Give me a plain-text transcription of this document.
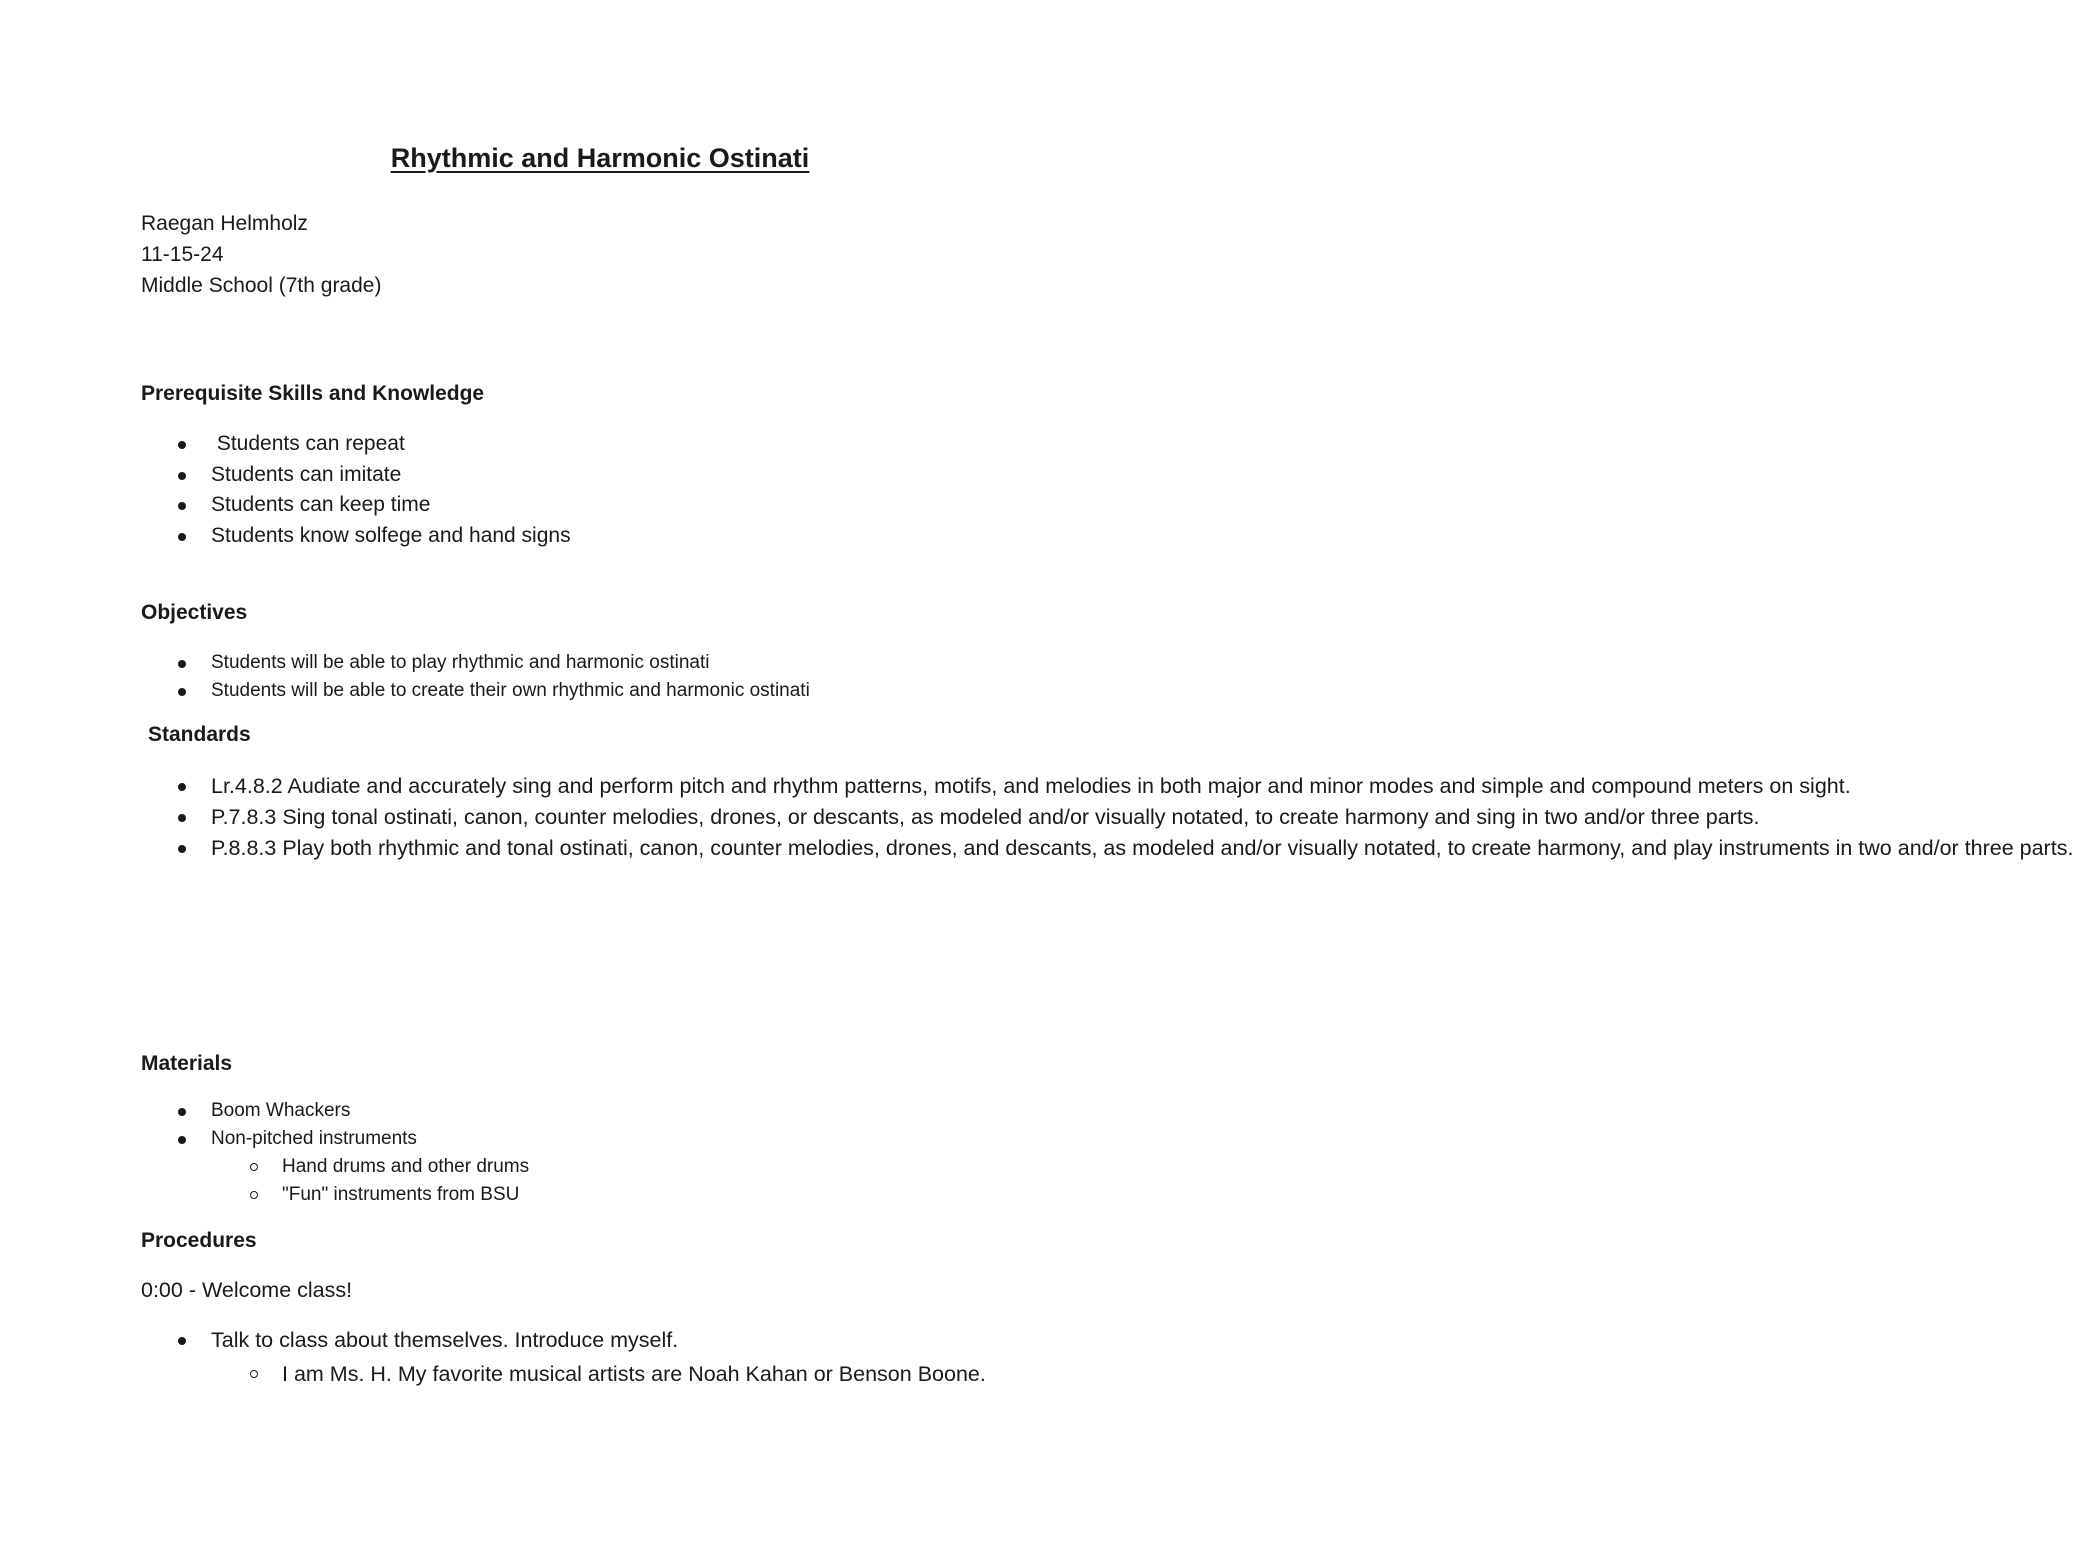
Rhythmic and Harmonic Ostinati
Raegan Helmholz
11-15-24
Middle School (7th grade)
Prerequisite Skills and Knowledge
Students can repeat
Students can imitate
Students can keep time
Students know solfege and hand signs
Objectives
Students will be able to play rhythmic and harmonic ostinati
Students will be able to create their own rhythmic and harmonic ostinati
Standards
Lr.4.8.2 Audiate and accurately sing and perform pitch and rhythm patterns, motifs, and melodies in both major and minor modes and simple and compound meters on sight.
P.7.8.3 Sing tonal ostinati, canon, counter melodies, drones, or descants, as modeled and/or visually notated, to create harmony and sing in two and/or three parts.
P.8.8.3 Play both rhythmic and tonal ostinati, canon, counter melodies, drones, and descants, as modeled and/or visually notated, to create harmony, and play instruments in two and/or three parts.
Materials
Boom Whackers
Non-pitched instruments
Hand drums and other drums
"Fun" instruments from BSU
Procedures
0:00 - Welcome class!
Talk to class about themselves. Introduce myself.
I am Ms. H. My favorite musical artists are Noah Kahan or Benson Boone.
